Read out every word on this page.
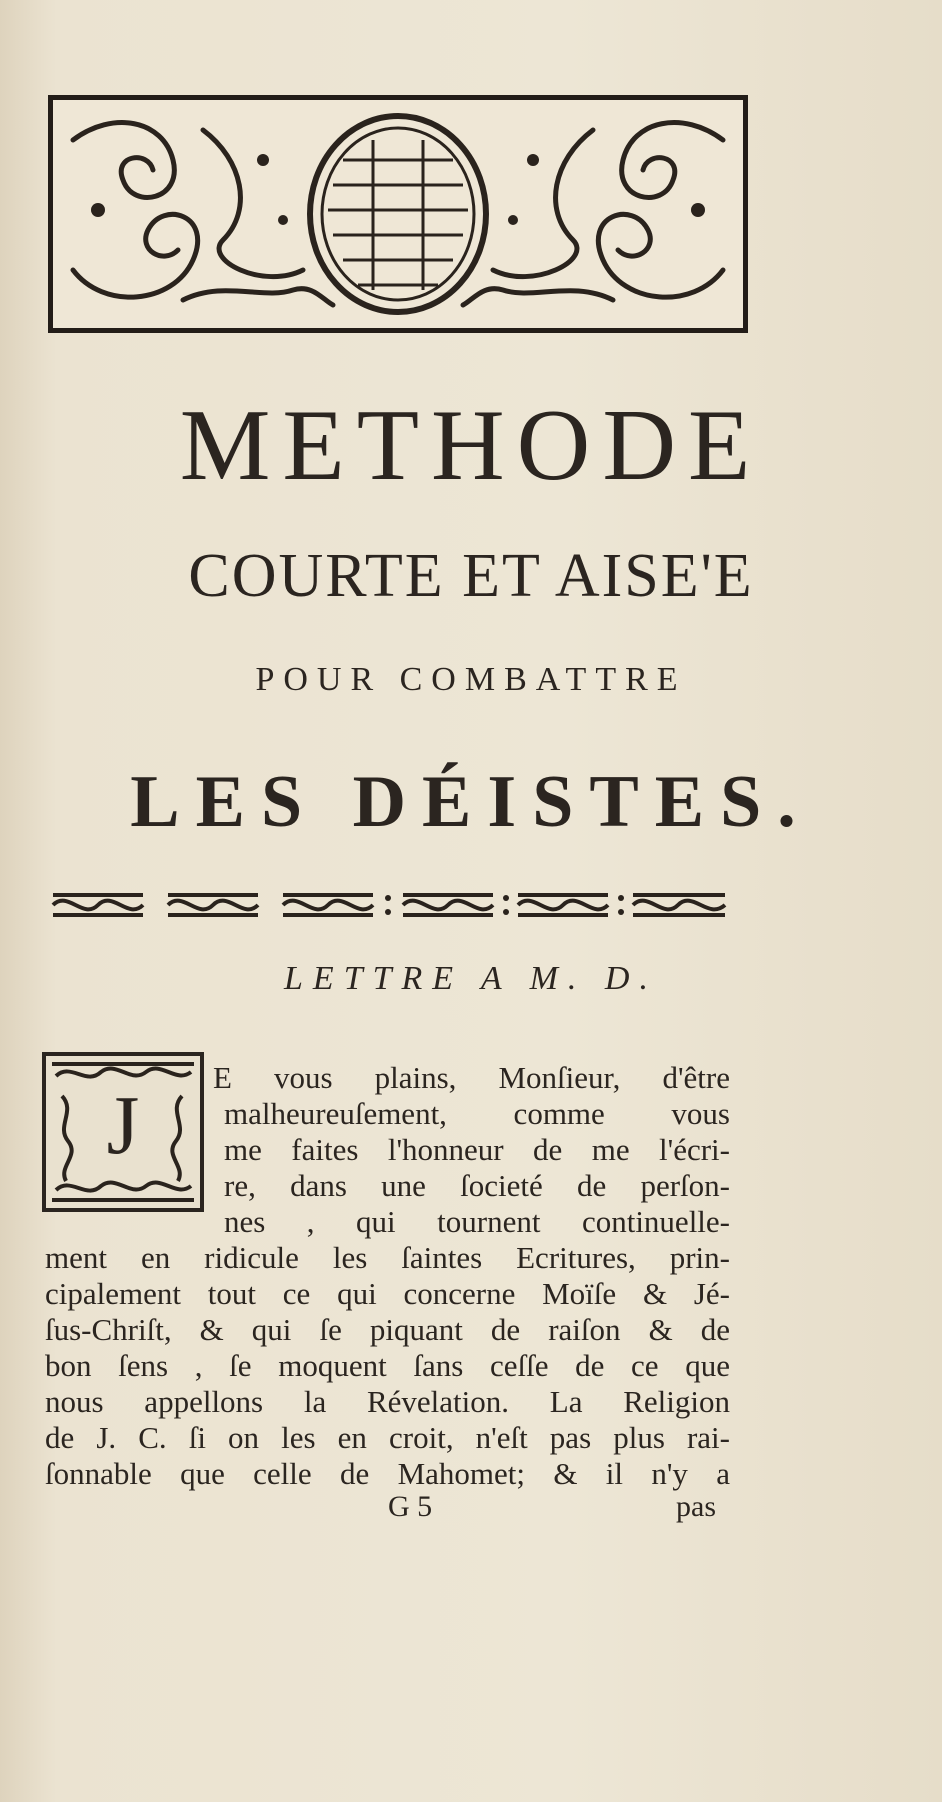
METHODE
COURTE ET AISE'E
POUR COMBATTRE
LES DÉISTES.
LETTRE A M. D.
J
E vous plains, Monſieur, d'être
malheureuſement, comme vous
me faites l'honneur de me l'écri-
re, dans une ſocieté de perſon-
nes , qui tournent continuelle-
ment en ridicule les ſaintes Ecritures, prin-
cipalement tout ce qui concerne Moïſe & Jé-
ſus-Chriſt, & qui ſe piquant de raiſon & de
bon ſens , ſe moquent ſans ceſſe de ce que
nous appellons la Révelation. La Religion
de J. C. ſi on les en croit, n'eſt pas plus rai-
ſonnable que celle de Mahomet; & il n'y a
G 5	pas
